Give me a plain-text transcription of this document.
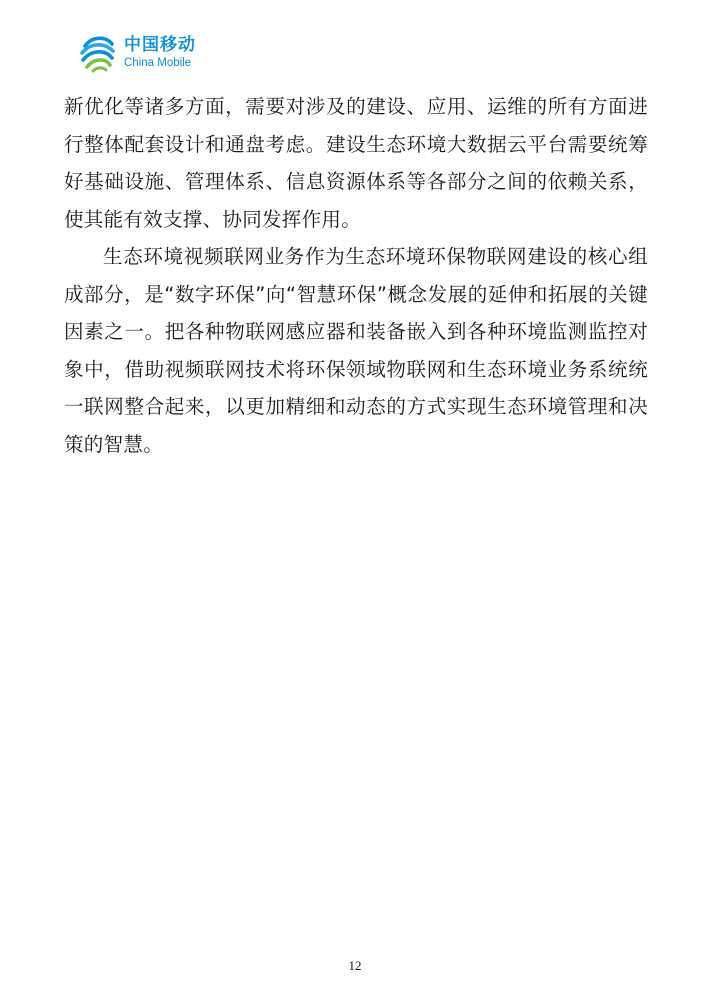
中国移动
China Mobile

新优化等诸多方面，需要对涉及的建设、应用、运维的所有方面进行整体配套设计和通盘考虑。建设生态环境大数据云平台需要统筹好基础设施、管理体系、信息资源体系等各部分之间的依赖关系，使其能有效支撑、协同发挥作用。

生态环境视频联网业务作为生态环境环保物联网建设的核心组成部分，是“数字环保”向“智慧环保”概念发展的延伸和拓展的关键因素之一。把各种物联网感应器和装备嵌入到各种环境监测监控对象中，借助视频联网技术将环保领域物联网和生态环境业务系统统一联网整合起来，以更加精细和动态的方式实现生态环境管理和决策的智慧。

12
